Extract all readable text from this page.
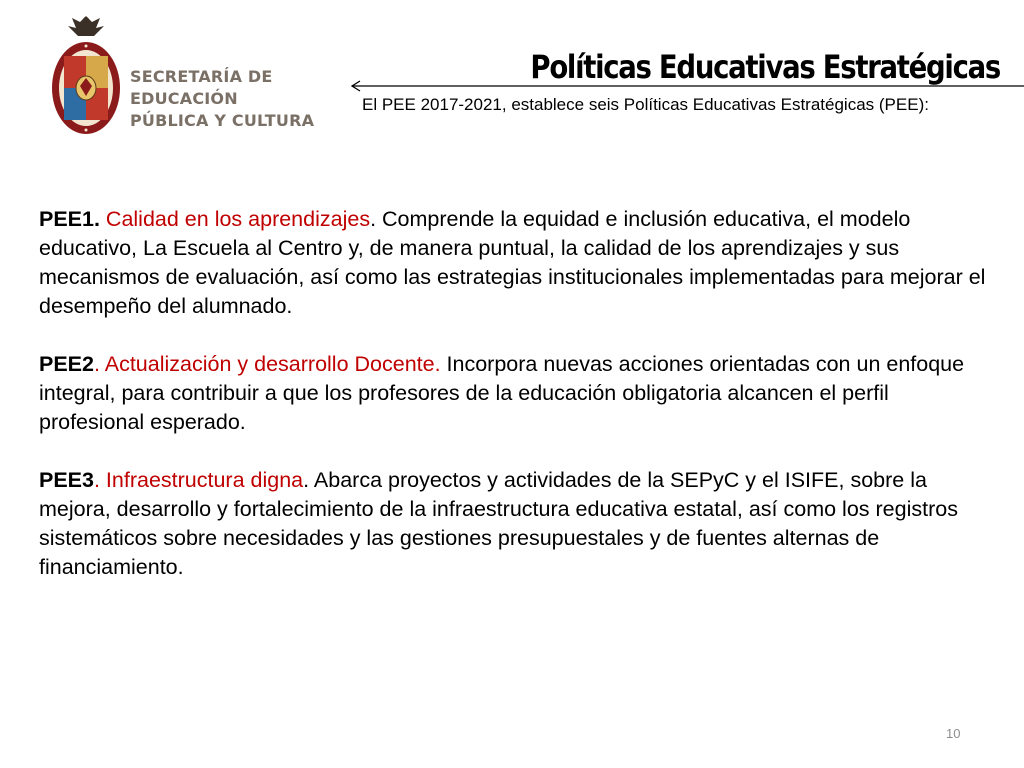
SECRETARÍA DE
EDUCACIÓN
PÚBLICA Y CULTURA
Políticas Educativas Estratégicas
El PEE 2017-2021, establece seis Políticas Educativas Estratégicas (PEE):

PEE1. Calidad en los aprendizajes. Comprende la equidad e inclusión educativa, el modelo educativo, La Escuela al Centro y, de manera puntual, la calidad de los aprendizajes y sus mecanismos de evaluación, así como las estrategias institucionales implementadas para mejorar el desempeño del alumnado.

PEE2. Actualización y desarrollo Docente. Incorpora nuevas acciones orientadas con un enfoque integral, para contribuir a que los profesores de la educación obligatoria alcancen el perfil profesional esperado.

PEE3. Infraestructura digna. Abarca proyectos y actividades de la SEPyC y el ISIFE, sobre la mejora, desarrollo y fortalecimiento de la infraestructura educativa estatal, así como los registros sistemáticos sobre necesidades y las gestiones presupuestales y de fuentes alternas de financiamiento.

10
